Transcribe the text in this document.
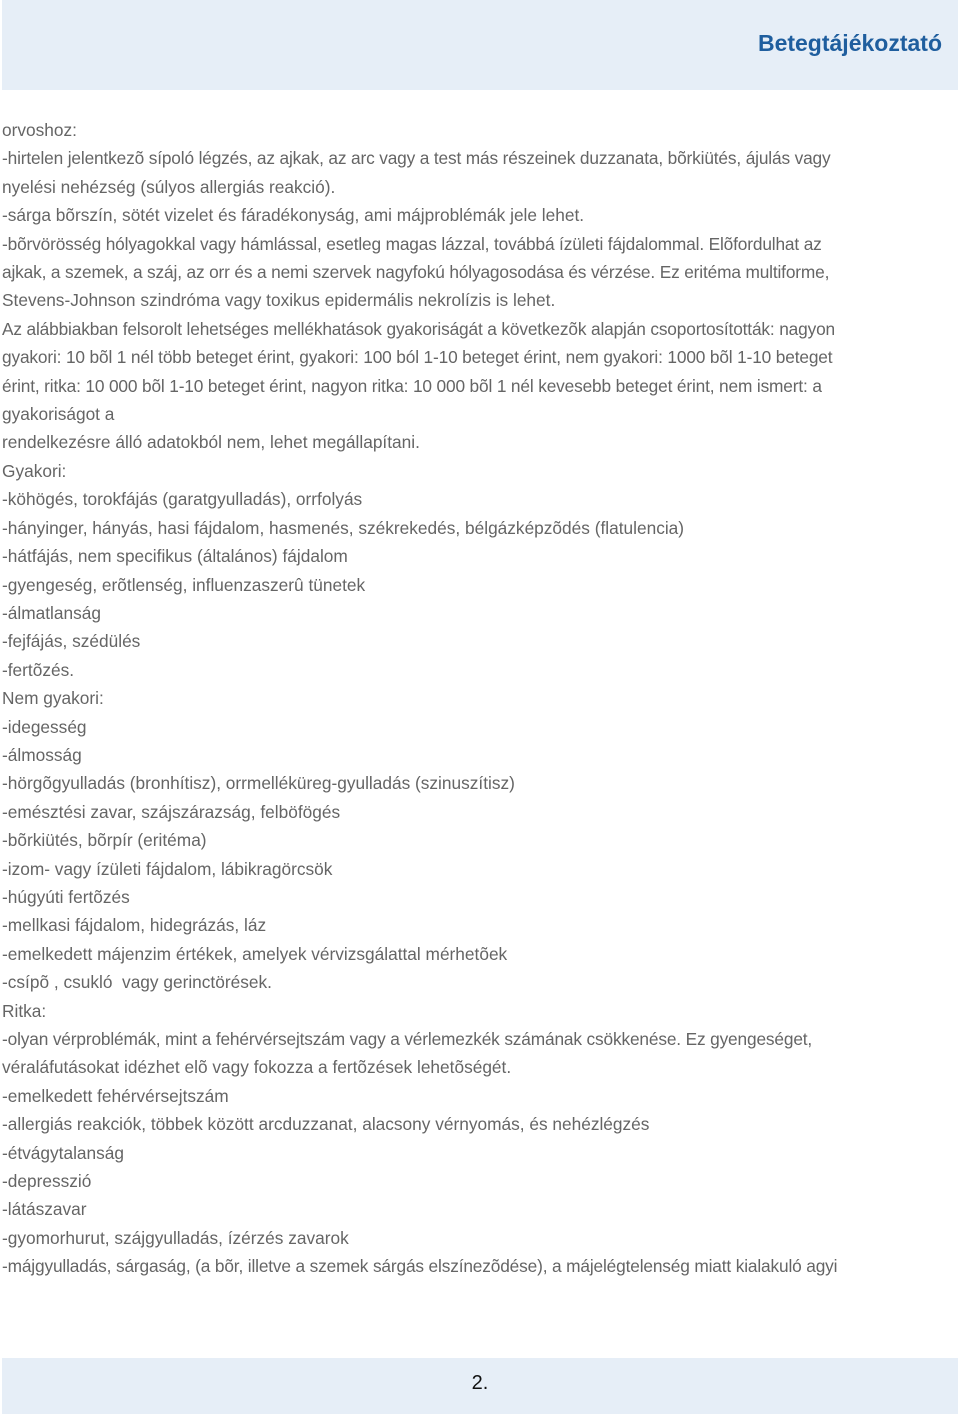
Betegtájékoztató
orvoshoz:
-hirtelen jelentkezõ sípoló légzés, az ajkak, az arc vagy a test más részeinek duzzanata, bõrkiütés, ájulás vagy
nyelési nehézség (súlyos allergiás reakció).
-sárga bõrszín, sötét vizelet és fáradékonyság, ami májproblémák jele lehet.
-bõrvörösség hólyagokkal vagy hámlással, esetleg magas lázzal, továbbá ízületi fájdalommal. Elõfordulhat az
ajkak, a szemek, a száj, az orr és a nemi szervek nagyfokú hólyagosodása és vérzése. Ez eritéma multiforme,
Stevens-Johnson szindróma vagy toxikus epidermális nekrolízis is lehet.
Az alábbiakban felsorolt lehetséges mellékhatások gyakoriságát a következõk alapján csoportosították: nagyon
gyakori: 10 bõl 1 nél több beteget érint, gyakori: 100 ból 1-10 beteget érint, nem gyakori: 1000 bõl 1-10 beteget
érint, ritka: 10 000 bõl 1-10 beteget érint, nagyon ritka: 10 000 bõl 1 nél kevesebb beteget érint, nem ismert: a
gyakoriságot a
rendelkezésre álló adatokból nem, lehet megállapítani.
Gyakori:
-köhögés, torokfájás (garatgyulladás), orrfolyás
-hányinger, hányás, hasi fájdalom, hasmenés, székrekedés, bélgázképzõdés (flatulencia)
-hátfájás, nem specifikus (általános) fájdalom
-gyengeség, erõtlenség, influenzaszerû tünetek
-álmatlanság
-fejfájás, szédülés
-fertõzés.
Nem gyakori:
-idegesség
-álmosság
-hörgõgyulladás (bronhítisz), orrmelléküreg-gyulladás (szinuszítisz)
-emésztési zavar, szájszárazság, felböfögés
-bõrkiütés, bõrpír (eritéma)
-izom- vagy ízületi fájdalom, lábikragörcsök
-húgyúti fertõzés
-mellkasi fájdalom, hidegrázás, láz
-emelkedett májenzim értékek, amelyek vérvizsgálattal mérhetõek
-csípõ , csukló  vagy gerinctörések.
Ritka:
-olyan vérproblémák, mint a fehérvérsejtszám vagy a vérlemezkék számának csökkenése. Ez gyengeséget,
véraláfutásokat idézhet elõ vagy fokozza a fertõzések lehetõségét.
-emelkedett fehérvérsejtszám
-allergiás reakciók, többek között arcduzzanat, alacsony vérnyomás, és nehézlégzés
-étvágytalanság
-depresszió
-látászavar
-gyomorhurut, szájgyulladás, ízérzés zavarok
-májgyulladás, sárgaság, (a bõr, illetve a szemek sárgás elszínezõdése), a májelégtelenség miatt kialakuló agyi
2.
